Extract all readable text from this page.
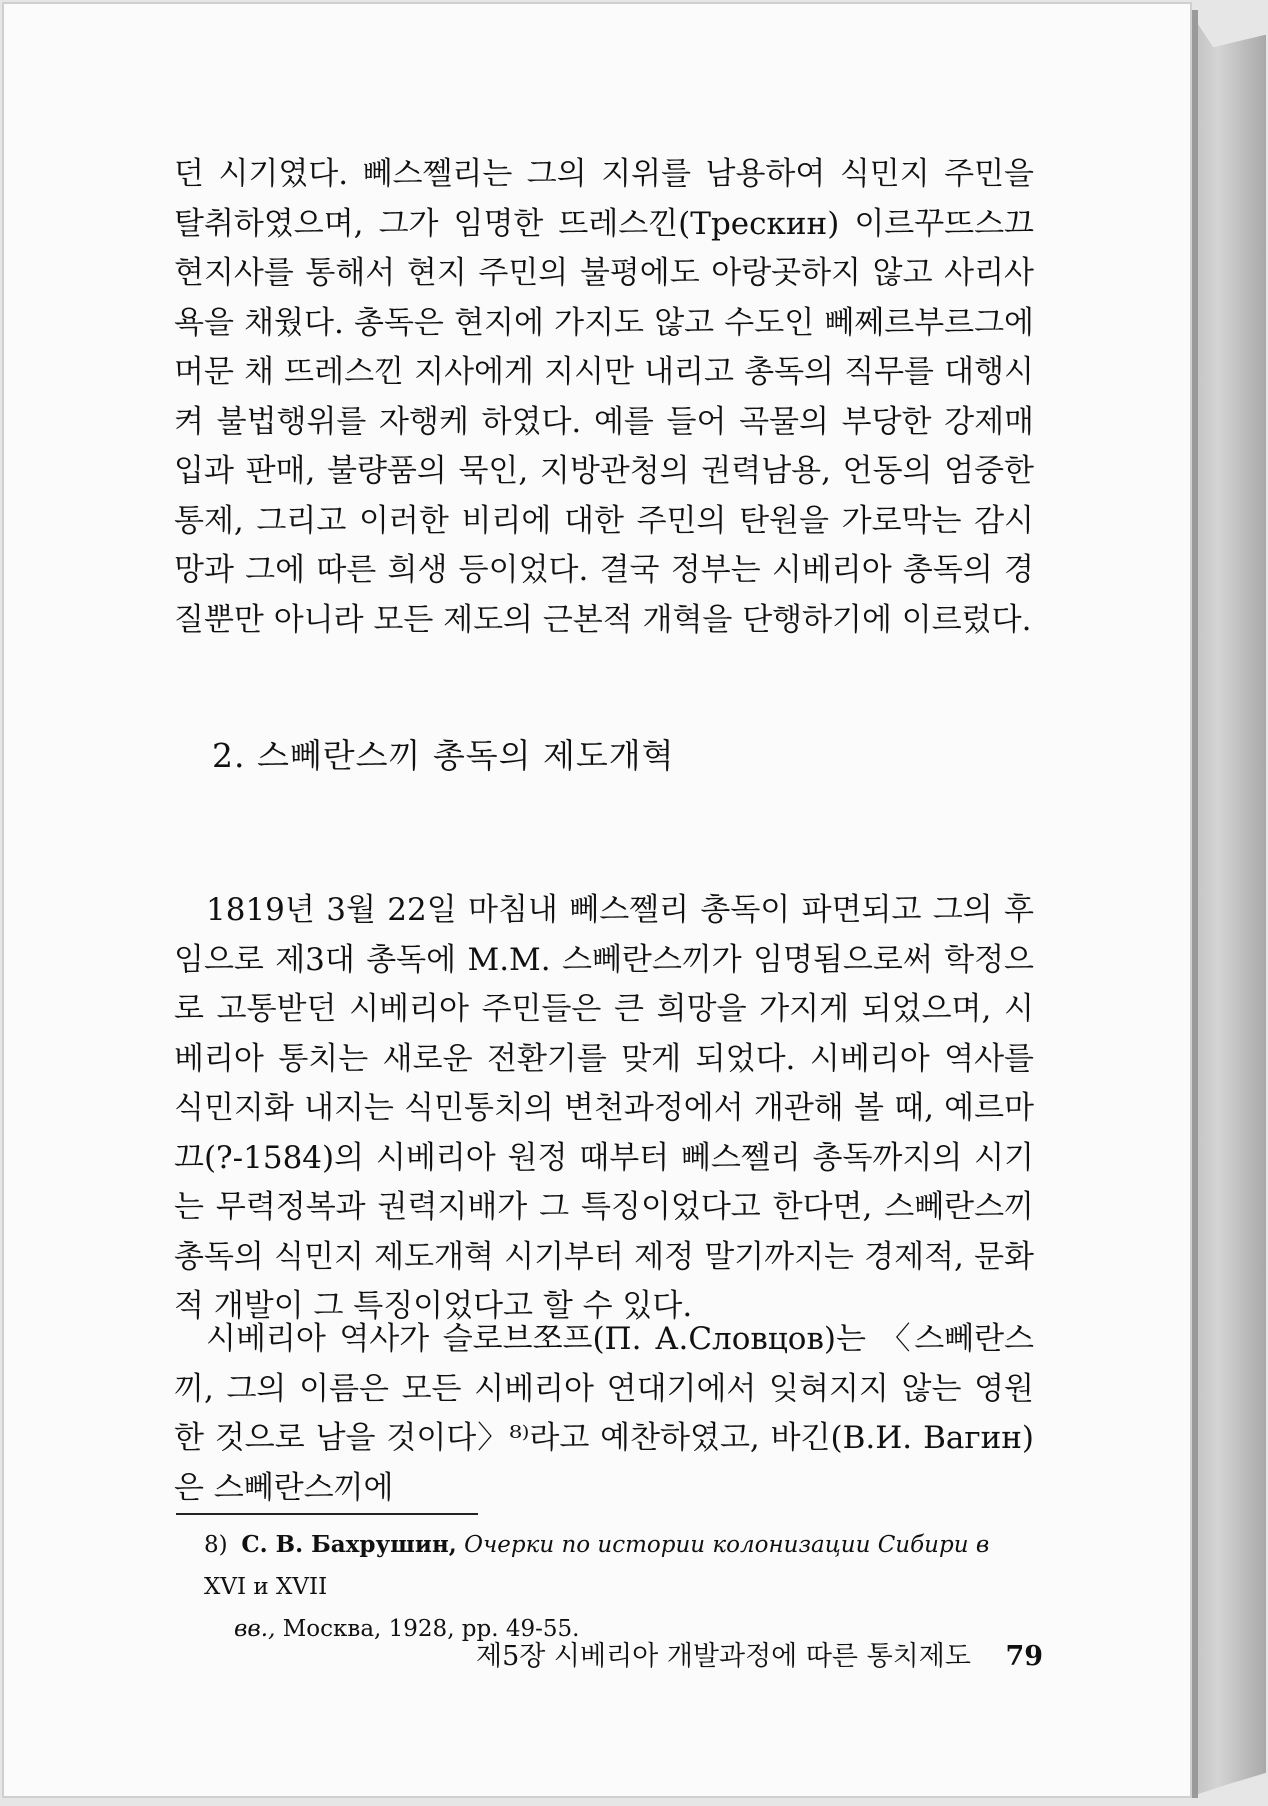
던 시기였다. 뻬스쩰리는 그의 지위를 남용하여 식민지 주민을 탈취하였으며, 그가 임명한 뜨레스낀(Трескин) 이르꾸뜨스끄 현지사를 통해서 현지 주민의 불평에도 아랑곳하지 않고 사리사욕을 채웠다. 총독은 현지에 가지도 않고 수도인 뻬쩨르부르그에 머문 채 뜨레스낀 지사에게 지시만 내리고 총독의 직무를 대행시켜 불법행위를 자행케 하였다. 예를 들어 곡물의 부당한 강제매입과 판매, 불량품의 묵인, 지방관청의 권력남용, 언동의 엄중한 통제, 그리고 이러한 비리에 대한 주민의 탄원을 가로막는 감시망과 그에 따른 희생 등이었다. 결국 정부는 시베리아 총독의 경질뿐만 아니라 모든 제도의 근본적 개혁을 단행하기에 이르렀다.

2. 스뻬란스끼 총독의 제도개혁

1819년 3월 22일 마침내 뻬스쩰리 총독이 파면되고 그의 후임으로 제3대 총독에 M.M. 스뻬란스끼가 임명됨으로써 학정으로 고통받던 시베리아 주민들은 큰 희망을 가지게 되었으며, 시베리아 통치는 새로운 전환기를 맞게 되었다. 시베리아 역사를 식민지화 내지는 식민통치의 변천과정에서 개관해 볼 때, 예르마끄(?-1584)의 시베리아 원정 때부터 뻬스쩰리 총독까지의 시기는 무력정복과 권력지배가 그 특징이었다고 한다면, 스뻬란스끼 총독의 식민지 제도개혁 시기부터 제정 말기까지는 경제적, 문화적 개발이 그 특징이었다고 할 수 있다.

시베리아 역사가 슬로브쪼프(П. А.Словцов)는 〈스뻬란스끼, 그의 이름은 모든 시베리아 연대기에서 잊혀지지 않는 영원한 것으로 남을 것이다〉⁸⁾라고 예찬하였고, 바긴(В.И. Вагин)은 스뻬란스끼에

8) С. В. Бахрушин, Очерки по истории колонизации Сибири в XVI и XVII
вв., Москва, 1928, pp. 49-55.
제5장 시베리아 개발과정에 따른 통치제도 79
